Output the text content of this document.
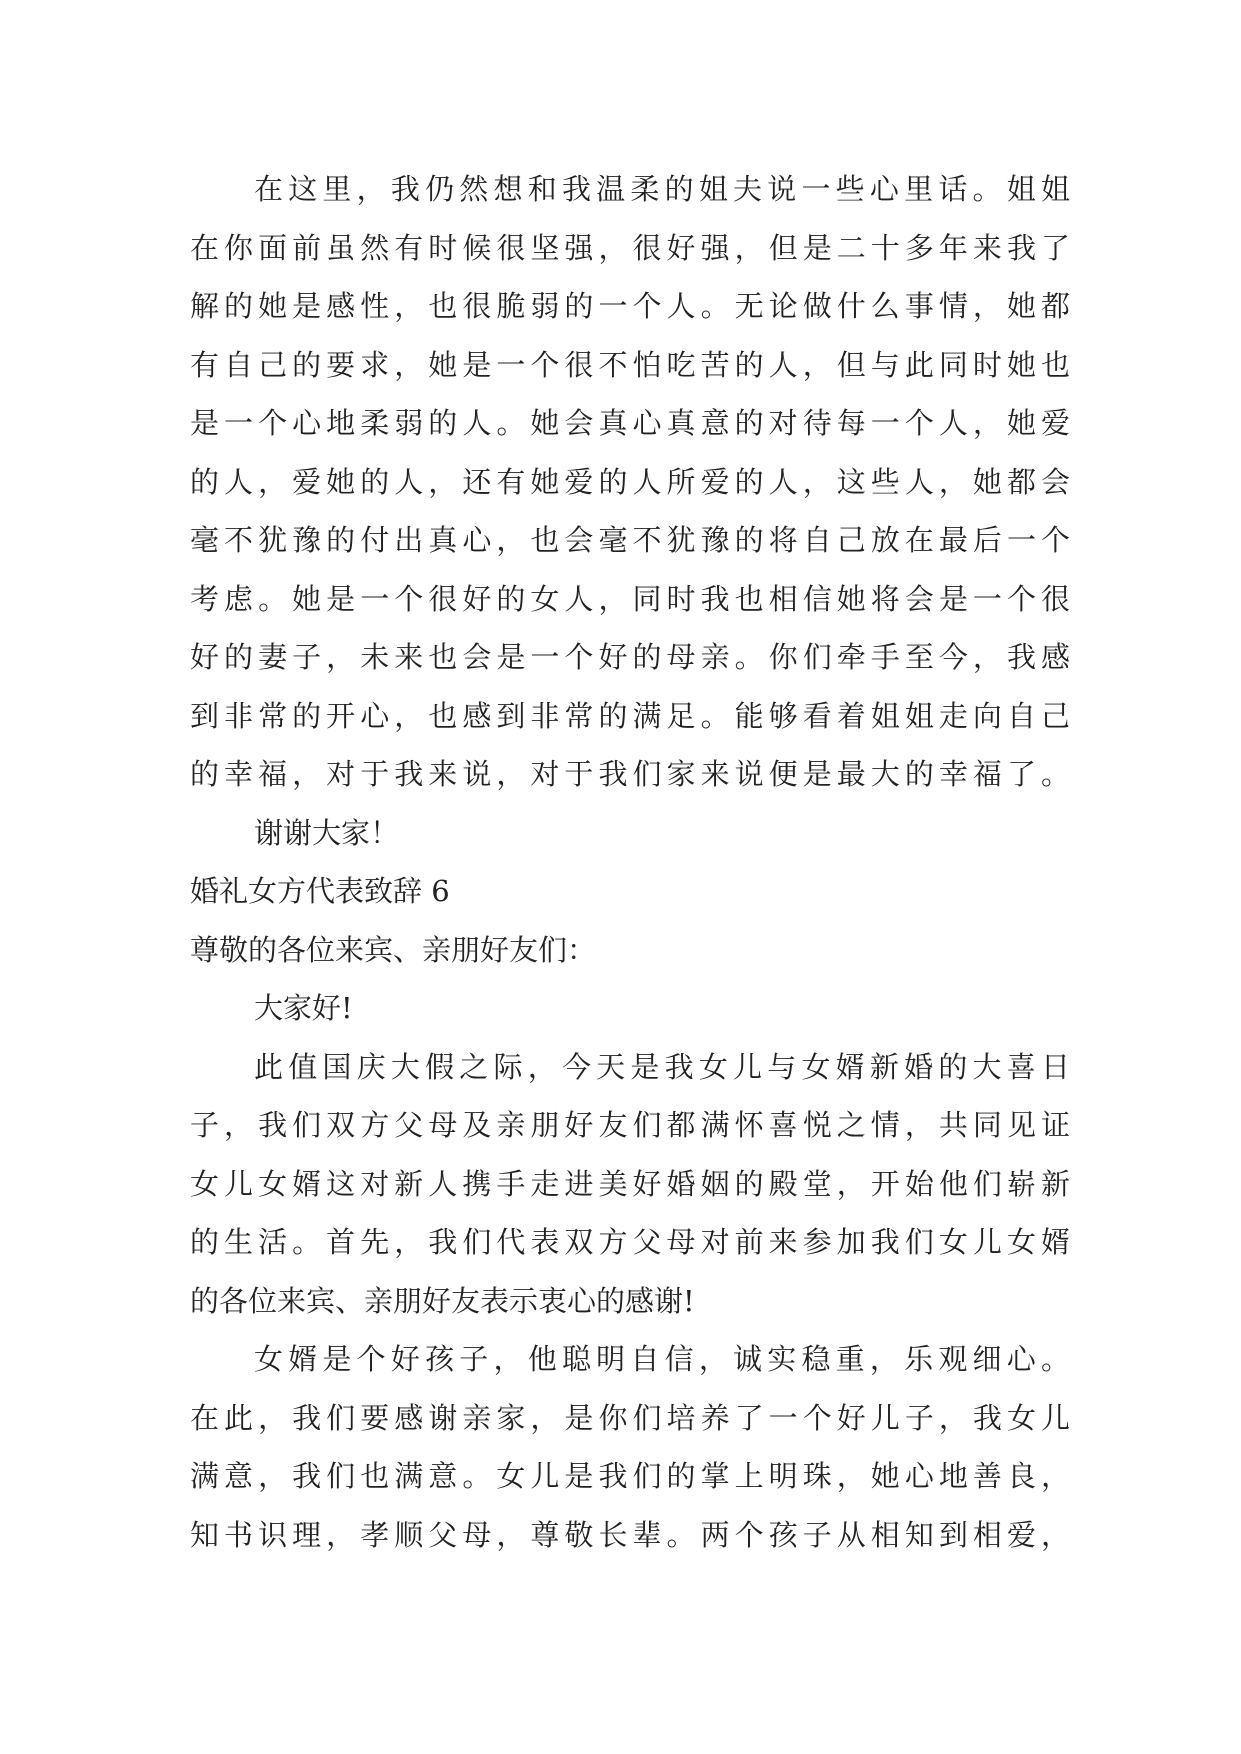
在这里，我仍然想和我温柔的姐夫说一些心里话。姐姐
在你面前虽然有时候很坚强，很好强，但是二十多年来我了
解的她是感性，也很脆弱的一个人。无论做什么事情，她都
有自己的要求，她是一个很不怕吃苦的人，但与此同时她也
是一个心地柔弱的人。她会真心真意的对待每一个人，她爱
的人，爱她的人，还有她爱的人所爱的人，这些人，她都会
毫不犹豫的付出真心，也会毫不犹豫的将自己放在最后一个
考虑。她是一个很好的女人，同时我也相信她将会是一个很
好的妻子，未来也会是一个好的母亲。你们牵手至今，我感
到非常的开心，也感到非常的满足。能够看着姐姐走向自己
的幸福，对于我来说，对于我们家来说便是最大的幸福了。
谢谢大家！
婚礼女方代表致辞 6
尊敬的各位来宾、亲朋好友们：
大家好!
此值国庆大假之际，今天是我女儿与女婿新婚的大喜日
子，我们双方父母及亲朋好友们都满怀喜悦之情，共同见证
女儿女婿这对新人携手走进美好婚姻的殿堂，开始他们崭新
的生活。首先，我们代表双方父母对前来参加我们女儿女婿
的各位来宾、亲朋好友表示衷心的感谢!
女婿是个好孩子，他聪明自信，诚实稳重，乐观细心。
在此，我们要感谢亲家，是你们培养了一个好儿子，我女儿
满意，我们也满意。女儿是我们的掌上明珠，她心地善良，
知书识理，孝顺父母，尊敬长辈。两个孩子从相知到相爱，
